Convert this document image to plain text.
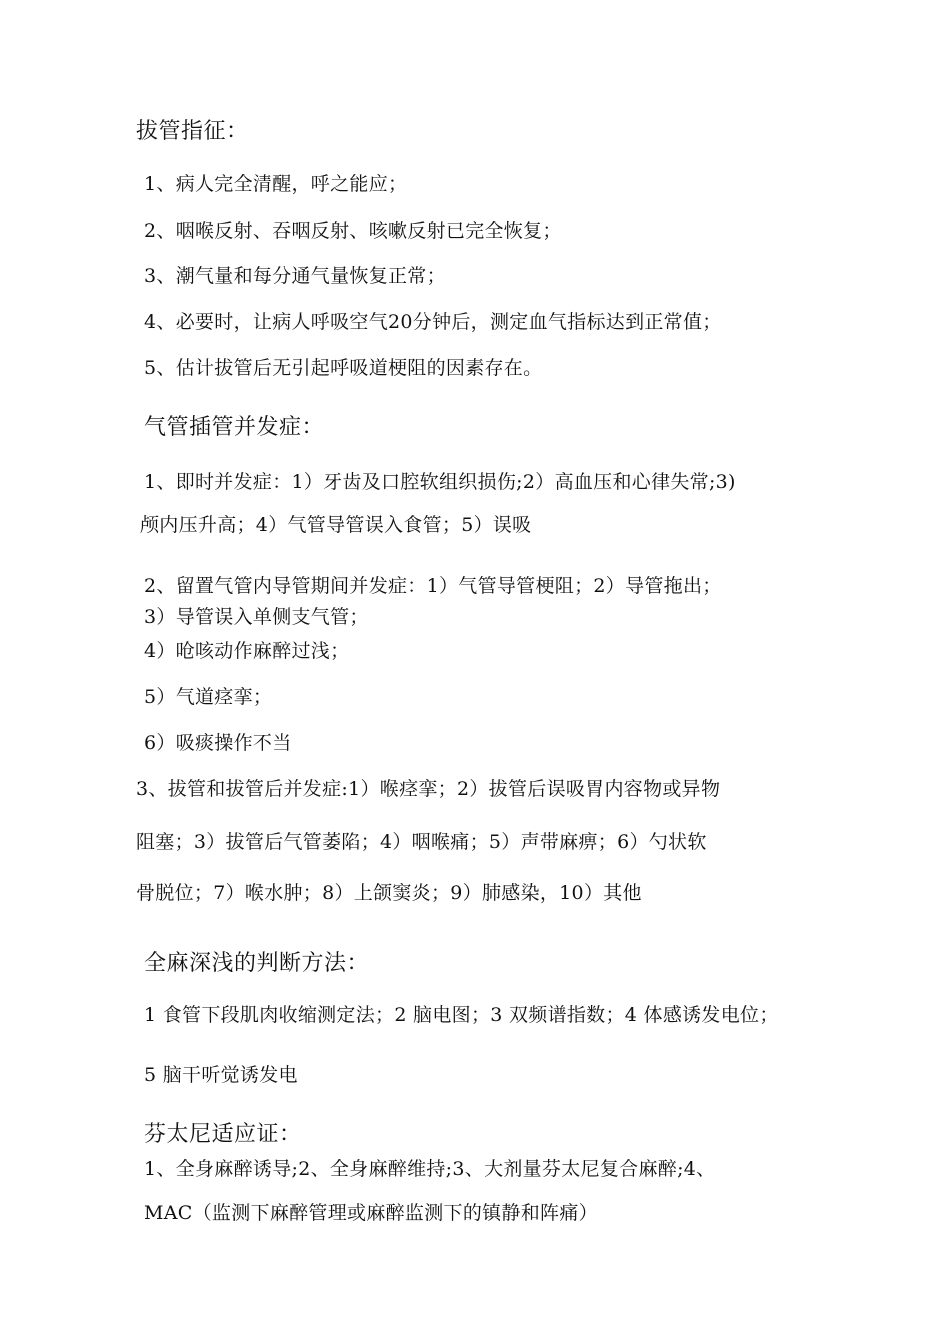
拔管指征：
1、病人完全清醒，呼之能应；
2、咽喉反射、吞咽反射、咳嗽反射已完全恢复；
3、潮气量和每分通气量恢复正常；
4、必要时，让病人呼吸空气20分钟后，测定血气指标达到正常值；
5、估计拔管后无引起呼吸道梗阻的因素存在。
气管插管并发症：
1、即时并发症：1）牙齿及口腔软组织损伤;2）高血压和心律失常;3)
颅内压升高；4）气管导管误入食管；5）误吸
2、留置气管内导管期间并发症：1）气管导管梗阻；2）导管拖出；
3）导管误入单侧支气管；
4）呛咳动作麻醉过浅；
5）气道痉挛；
6）吸痰操作不当
3、拔管和拔管后并发症:1）喉痉挛；2）拔管后误吸胃内容物或异物
阻塞；3）拔管后气管萎陷；4）咽喉痛；5）声带麻痹；6）勺状软
骨脱位；7）喉水肿；8）上颌窦炎；9）肺感染，10）其他
全麻深浅的判断方法：
1 食管下段肌肉收缩测定法；2 脑电图；3 双频谱指数；4 体感诱发电位；
5 脑干听觉诱发电
芬太尼适应证：
1、全身麻醉诱导;2、全身麻醉维持;3、大剂量芬太尼复合麻醉;4、
MAC（监测下麻醉管理或麻醉监测下的镇静和阵痛）
